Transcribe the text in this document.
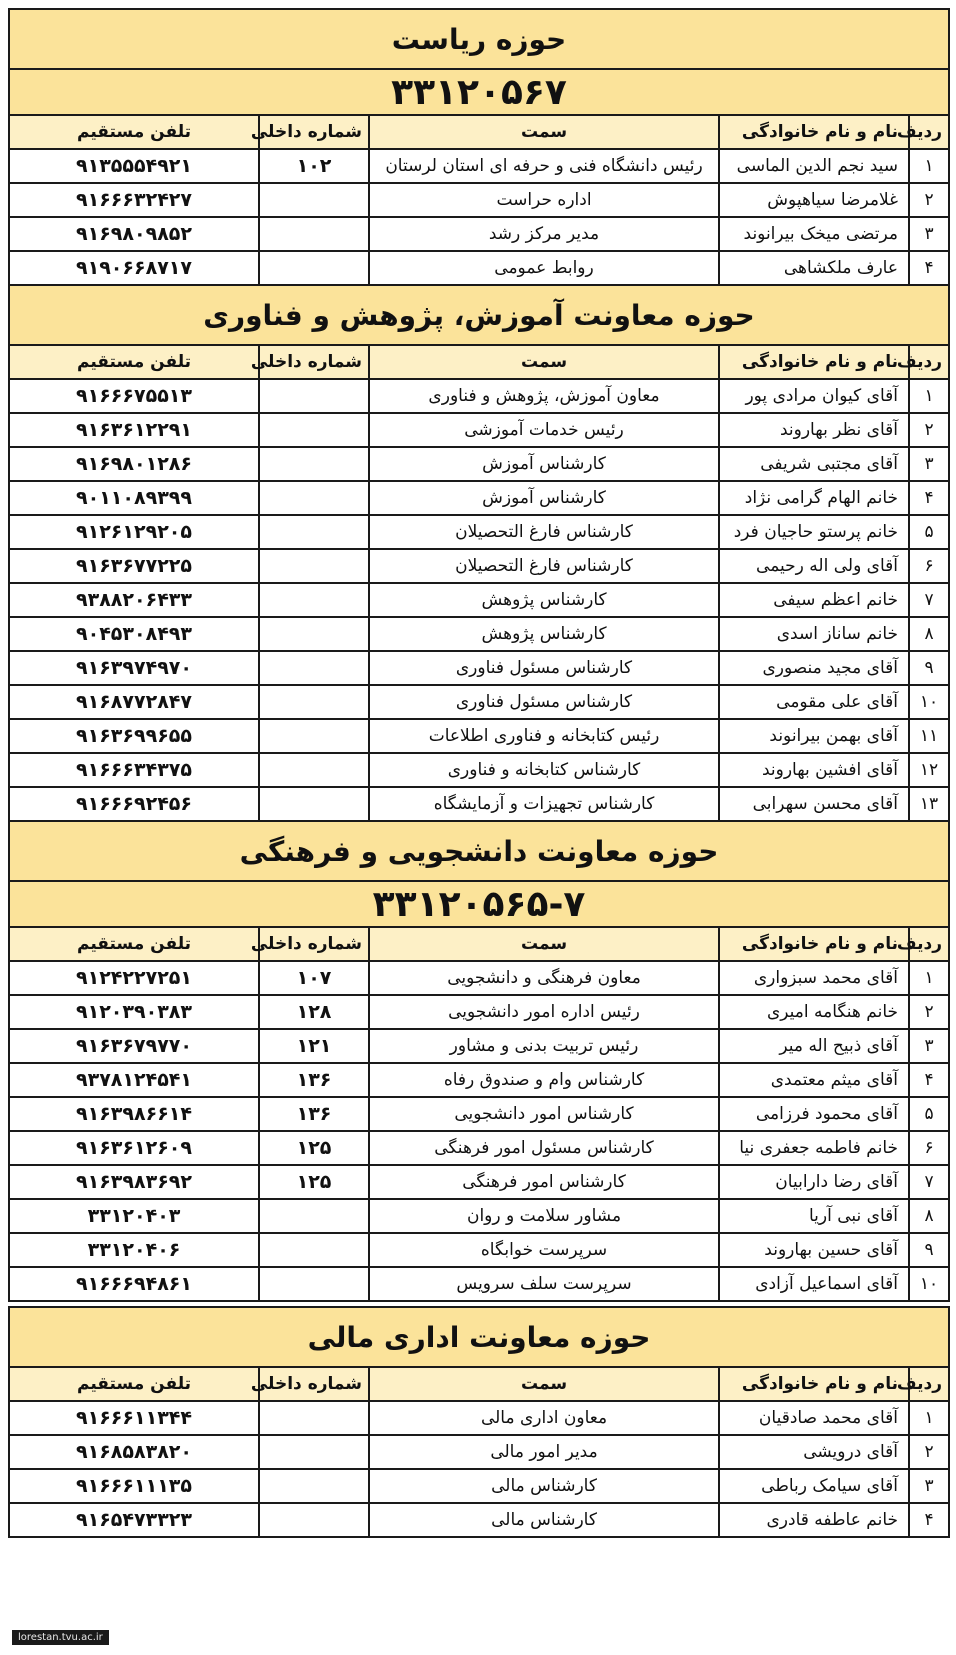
حوزه ریاست				
۳۳۱۲۰۵۶۷				
ردیف	نام و نام خانوادگی	سمت	شماره داخلی	تلفن مستقیم
۱	سید نجم الدین الماسی	رئیس دانشگاه فنی و حرفه ای استان لرستان	۱۰۲	۹۱۳۵۵۵۴۹۲۱
۲	غلامرضا سیاهپوش	اداره حراست		۹۱۶۶۶۳۲۴۲۷
۳	مرتضی میخک بیرانوند	مدیر مرکز رشد		۹۱۶۹۸۰۹۸۵۲
۴	عارف ملکشاهی	روابط عمومی		۹۱۹۰۶۶۸۷۱۷
حوزه معاونت آموزش، پژوهش و فناوری				
ردیف	نام و نام خانوادگی	سمت	شماره داخلی	تلفن مستقیم
۱	آقای کیوان مرادی پور	معاون آموزش، پژوهش و فناوری		۹۱۶۶۶۷۵۵۱۳
۲	آقای نظر بهاروند	رئیس خدمات آموزشی		۹۱۶۳۶۱۲۲۹۱
۳	آقای مجتبی شریفی	کارشناس آموزش		۹۱۶۹۸۰۱۲۸۶
۴	خانم الهام گرامی نژاد	کارشناس آموزش		۹۰۱۱۰۸۹۳۹۹
۵	خانم پرستو حاجیان فرد	کارشناس فارغ التحصیلان		۹۱۲۶۱۲۹۲۰۵
۶	آقای ولی اله رحیمی	کارشناس فارغ التحصیلان		۹۱۶۳۶۷۷۲۲۵
۷	خانم اعظم سیفی	کارشناس پژوهش		۹۳۸۸۲۰۶۴۳۳
۸	خانم ساناز اسدی	کارشناس پژوهش		۹۰۴۵۳۰۸۴۹۳
۹	آقای مجید منصوری	کارشناس مسئول فناوری		۹۱۶۳۹۷۴۹۷۰
۱۰	آقای علی مقومی	کارشناس مسئول فناوری		۹۱۶۸۷۷۲۸۴۷
۱۱	آقای بهمن بیرانوند	رئیس کتابخانه و فناوری اطلاعات		۹۱۶۳۶۹۹۶۵۵
۱۲	آقای افشین بهاروند	کارشناس کتابخانه و فناوری		۹۱۶۶۶۳۴۳۷۵
۱۳	آقای محسن سهرابی	کارشناس تجهیزات و آزمایشگاه		۹۱۶۶۶۹۲۴۵۶
حوزه معاونت دانشجویی و فرهنگی				
۳۳۱۲۰۵۶۵-۷				
ردیف	نام و نام خانوادگی	سمت	شماره داخلی	تلفن مستقیم
۱	آقای محمد سبزواری	معاون فرهنگی و دانشجویی	۱۰۷	۹۱۲۴۲۲۷۲۵۱
۲	خانم هنگامه امیری	رئیس اداره امور دانشجویی	۱۲۸	۹۱۲۰۳۹۰۳۸۳
۳	آقای ذبیح اله میر	رئیس تربیت بدنی و مشاور	۱۲۱	۹۱۶۳۶۷۹۷۷۰
۴	آقای میثم معتمدی	کارشناس وام و صندوق رفاه	۱۳۶	۹۳۷۸۱۲۴۵۴۱
۵	آقای محمود فرزامی	کارشناس امور دانشجویی	۱۳۶	۹۱۶۳۹۸۶۶۱۴
۶	خانم فاطمه جعفری نیا	کارشناس مسئول امور فرهنگی	۱۲۵	۹۱۶۳۶۱۲۶۰۹
۷	آقای رضا دارابیان	کارشناس امور فرهنگی	۱۲۵	۹۱۶۳۹۸۳۶۹۲
۸	آقای نبی آریا	مشاور سلامت و روان		۳۳۱۲۰۴۰۳
۹	آقای حسین بهاروند	سرپرست خوابگاه		۳۳۱۲۰۴۰۶
۱۰	آقای اسماعیل آزادی	سرپرست سلف سرویس		۹۱۶۶۶۹۴۸۶۱

حوزه معاونت اداری مالی				
ردیف	نام و نام خانوادگی	سمت	شماره داخلی	تلفن مستقیم
۱	آقای محمد صادقیان	معاون اداری مالی		۹۱۶۶۶۱۱۳۴۴
۲	آقای درویشی	مدیر امور مالی		۹۱۶۸۵۸۳۸۲۰
۳	آقای سیامک رباطی	کارشناس مالی		۹۱۶۶۶۱۱۱۳۵
۴	خانم عاطفه قادری	کارشناس مالی		۹۱۶۵۴۷۳۳۲۳
lorestan.tvu.ac.ir
